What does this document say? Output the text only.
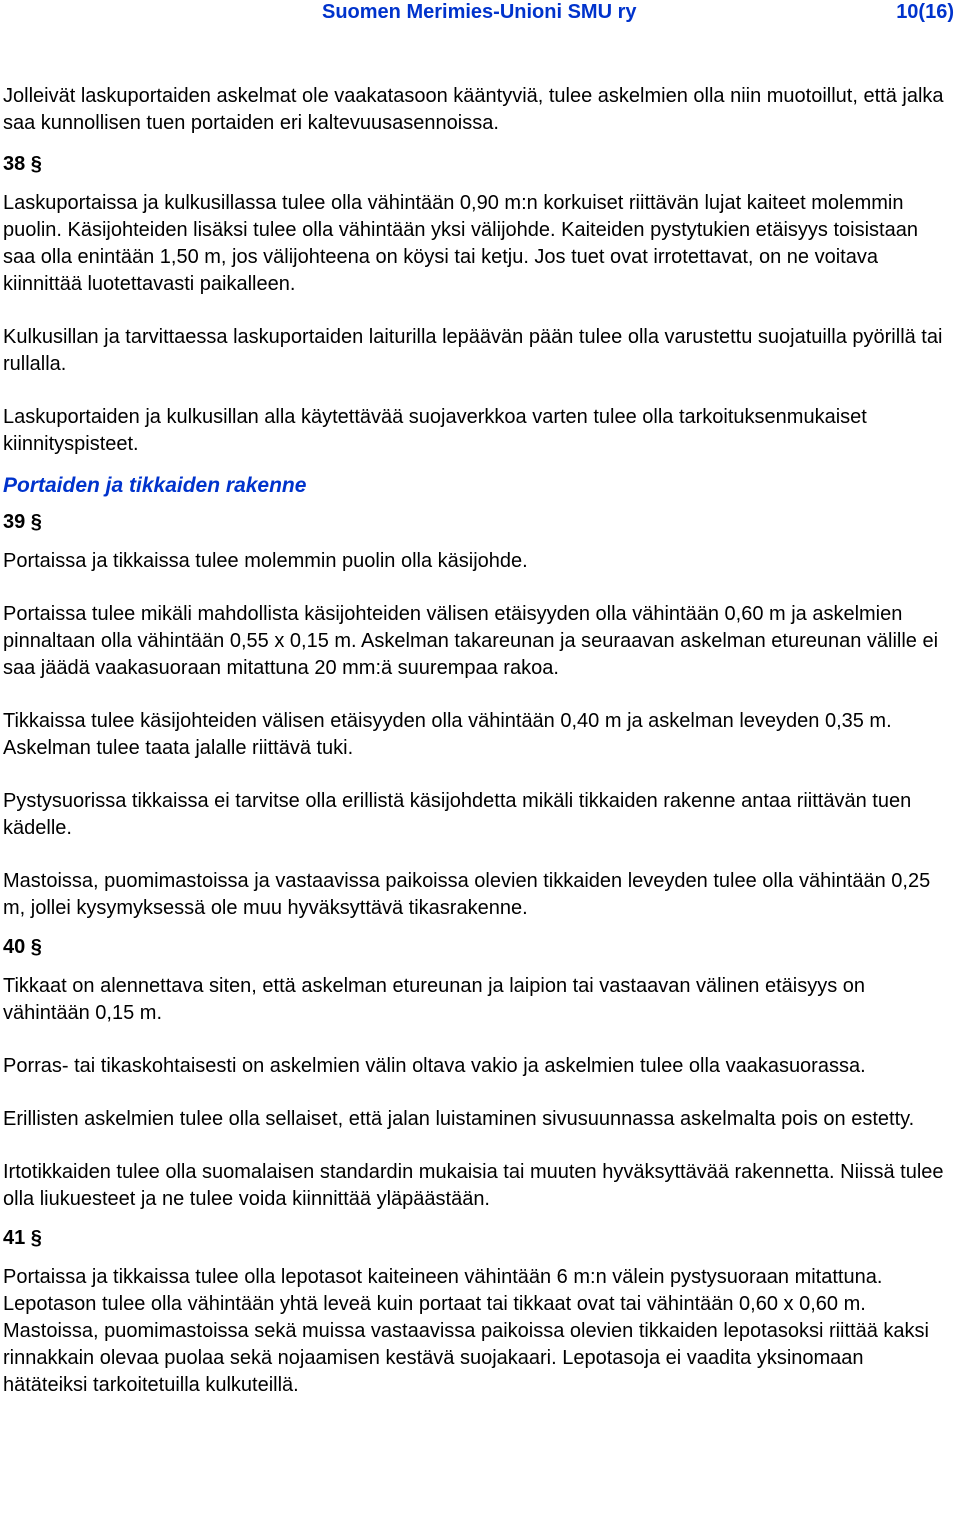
Suomen Merimies-Unioni SMU ry	10(16)

Jolleivät laskuportaiden askelmat ole vaakatasoon kääntyviä, tulee askelmien olla niin muotoillut, että jalka saa kunnollisen tuen portaiden eri kaltevuusasennoissa.

38 §

Laskuportaissa ja kulkusillassa tulee olla vähintään 0,90 m:n korkuiset riittävän lujat kaiteet molemmin puolin. Käsijohteiden lisäksi tulee olla vähintään yksi välijohde. Kaiteiden pystytukien etäisyys toisistaan saa olla enintään 1,50 m, jos välijohteena on köysi tai ketju. Jos tuet ovat irrotettavat, on ne voitava kiinnittää luotettavasti paikalleen.

Kulkusillan ja tarvittaessa laskuportaiden laiturilla lepäävän pään tulee olla varustettu suojatuilla pyörillä tai rullalla.

Laskuportaiden ja kulkusillan alla käytettävää suojaverkkoa varten tulee olla tarkoituksenmukaiset kiinnityspisteet.

Portaiden ja tikkaiden rakenne
39 §

Portaissa ja tikkaissa tulee molemmin puolin olla käsijohde.

Portaissa tulee mikäli mahdollista käsijohteiden välisen etäisyyden olla vähintään 0,60 m ja askelmien pinnaltaan olla vähintään 0,55 x 0,15 m. Askelman takareunan ja seuraavan askelman etureunan välille ei saa jäädä vaakasuoraan mitattuna 20 mm:ä suurempaa rakoa.

Tikkaissa tulee käsijohteiden välisen etäisyyden olla vähintään 0,40 m ja askelman leveyden 0,35 m. Askelman tulee taata jalalle riittävä tuki.

Pystysuorissa tikkaissa ei tarvitse olla erillistä käsijohdetta mikäli tikkaiden rakenne antaa riittävän tuen kädelle.

Mastoissa, puomimastoissa ja vastaavissa paikoissa olevien tikkaiden leveyden tulee olla vähintään 0,25 m, jollei kysymyksessä ole muu hyväksyttävä tikasrakenne.

40 §

Tikkaat on alennettava siten, että askelman etureunan ja laipion tai vastaavan välinen etäisyys on vähintään 0,15 m.

Porras- tai tikaskohtaisesti on askelmien välin oltava vakio ja askelmien tulee olla vaakasuorassa.

Erillisten askelmien tulee olla sellaiset, että jalan luistaminen sivusuunnassa askelmalta pois on estetty.

Irtotikkaiden tulee olla suomalaisen standardin mukaisia tai muuten hyväksyttävää rakennetta. Niissä tulee olla liukuesteet ja ne tulee voida kiinnittää yläpäästään.

41 §

Portaissa ja tikkaissa tulee olla lepotasot kaiteineen vähintään 6 m:n välein pystysuoraan mitattuna. Lepotason tulee olla vähintään yhtä leveä kuin portaat tai tikkaat ovat tai vähintään 0,60 x 0,60 m. Mastoissa, puomimastoissa sekä muissa vastaavissa paikoissa olevien tikkaiden lepotasoksi riittää kaksi rinnakkain olevaa puolaa sekä nojaamisen kestävä suojakaari. Lepotasoja ei vaadita yksinomaan hätäteiksi tarkoitetuilla kulkuteillä.
